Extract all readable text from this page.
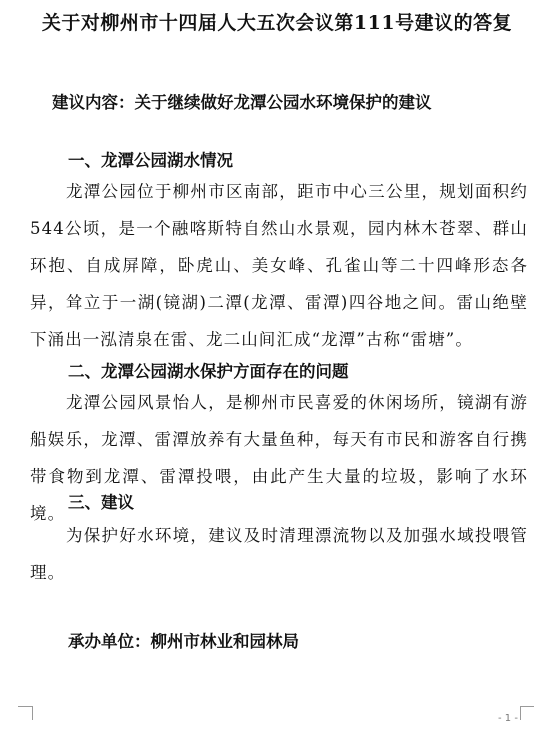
关于对柳州市十四届人大五次会议第111号建议的答复
建议内容：关于继续做好龙潭公园水环境保护的建议
一、龙潭公园湖水情况

龙潭公园位于柳州市区南部，距市中心三公里，规划面积约544公顷，是一个融喀斯特自然山水景观，园内林木苍翠、群山环抱、自成屏障，卧虎山、美女峰、孔雀山等二十四峰形态各异，耸立于一湖(镜湖)二潭(龙潭、雷潭)四谷地之间。雷山绝壁下涌出一泓清泉在雷、龙二山间汇成“龙潭”古称“雷塘”。

二、龙潭公园湖水保护方面存在的问题

龙潭公园风景怡人，是柳州市民喜爱的休闲场所，镜湖有游船娱乐，龙潭、雷潭放养有大量鱼种，每天有市民和游客自行携带食物到龙潭、雷潭投喂，由此产生大量的垃圾，影响了水环境。

三、建议

为保护好水环境，建议及时清理漂流物以及加强水域投喂管理。

承办单位：柳州市林业和园林局
- 1 -
